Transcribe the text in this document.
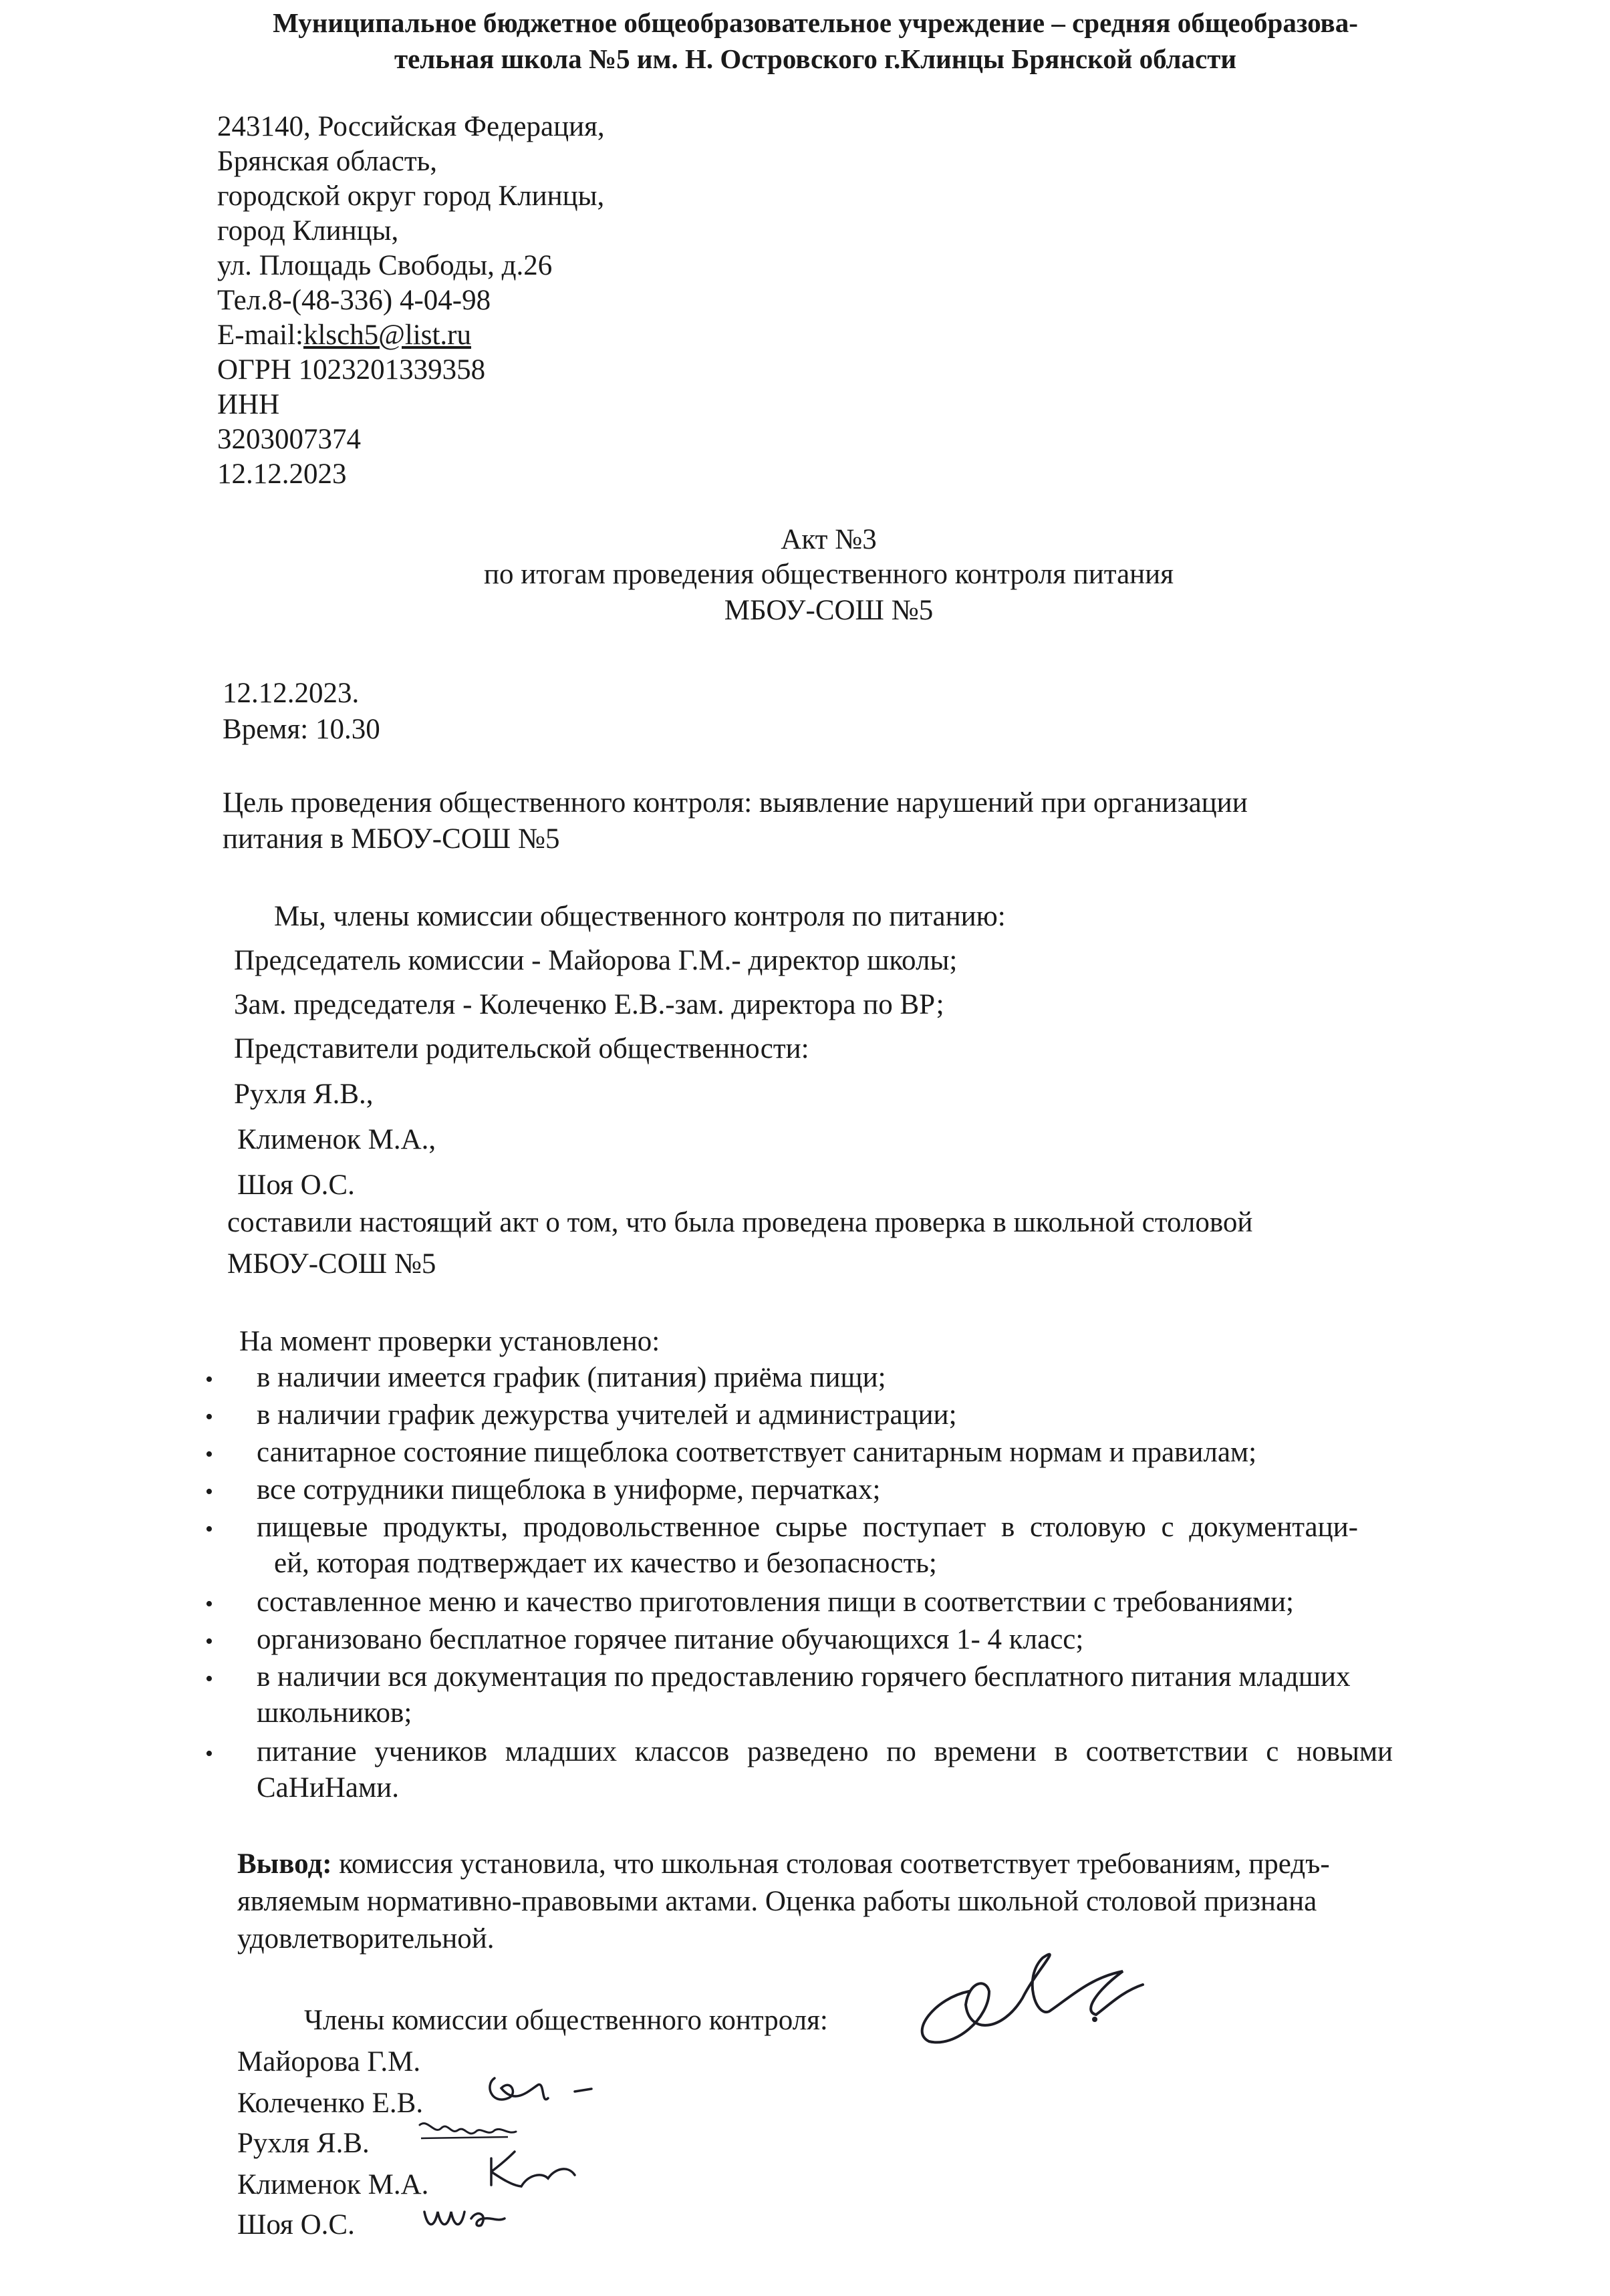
Муниципальное бюджетное общеобразовательное учреждение – средняя общеобразова-
тельная школа №5 им. Н. Островского г.Клинцы Брянской области
243140, Российская Федерация,
Брянская область,
городской округ город Клинцы,
город Клинцы,
ул. Площадь Свободы, д.26
Тел.8-(48-336) 4-04-98
E-mail:klsch5@list.ru
ОГРН 1023201339358
ИНН
3203007374
12.12.2023
Акт №3
по итогам проведения общественного контроля питания
МБОУ-СОШ №5
12.12.2023.
Время: 10.30
Цель проведения общественного контроля: выявление нарушений при организации
питания в МБОУ-СОШ №5
Мы, члены комиссии общественного контроля по питанию:
Председатель комиссии - Майорова Г.М.- директор школы;
Зам. председателя - Колеченко Е.В.-зам. директора по ВР;
Представители родительской общественности:
Рухля Я.В.,
Клименок М.А.,
Шоя О.С.
составили настоящий акт о том, что была проведена проверка в школьной столовой
МБОУ-СОШ №5
На момент проверки установлено:
• в наличии имеется график (питания) приёма пищи;
• в наличии график дежурства учителей и администрации;
• санитарное состояние пищеблока соответствует санитарным нормам и правилам;
• все сотрудники пищеблока в униформе, перчатках;
• пищевые продукты, продовольственное сырье поступает в столовую с документаци-
ей, которая подтверждает их качество и безопасность;
• составленное меню и качество приготовления пищи в соответствии с требованиями;
• организовано бесплатное горячее питание обучающихся 1- 4 класс;
• в наличии вся документация по предоставлению горячего бесплатного питания младших
школьников;
• питание учеников младших классов разведено по времени в соответствии с новыми
СаНиНами.
Вывод: комиссия установила, что школьная столовая соответствует требованиям, предъ-
являемым нормативно-правовыми актами. Оценка работы школьной столовой признана
удовлетворительной.
Члены комиссии общественного контроля:
Майорова Г.М.
Колеченко Е.В.
Рухля Я.В.
Клименок М.А.
Шоя О.С.
